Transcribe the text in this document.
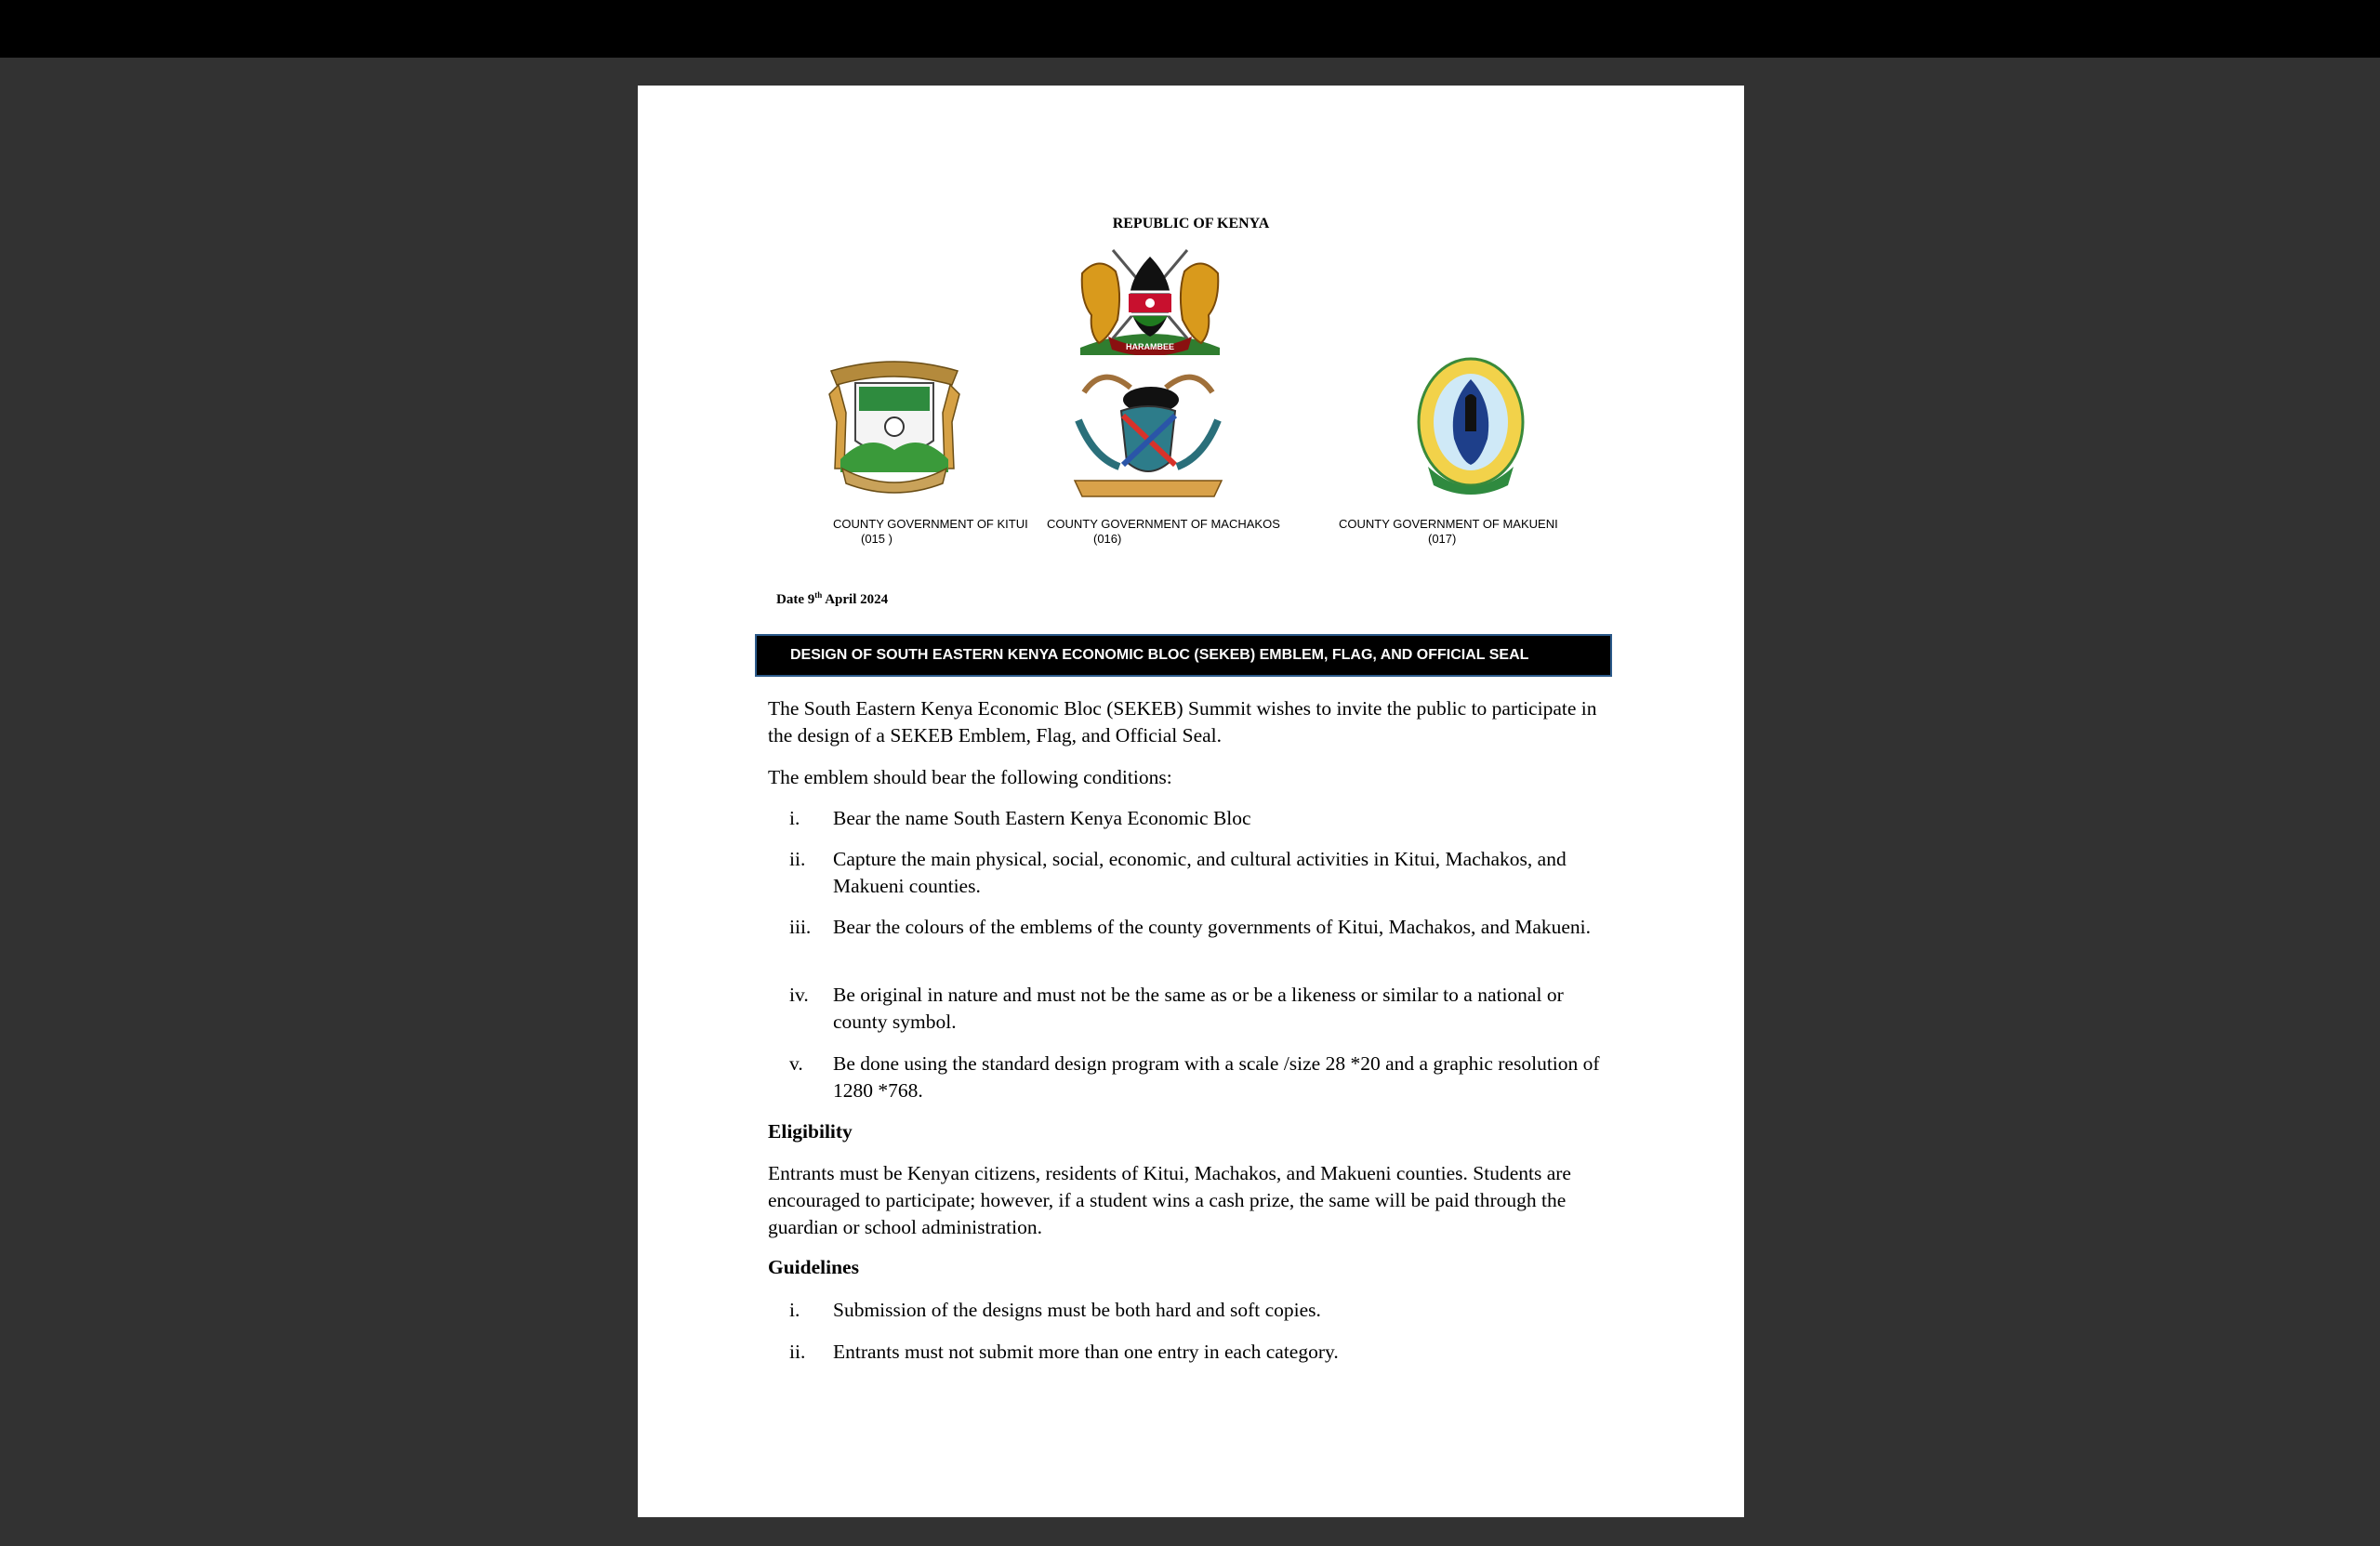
REPUBLIC OF KENYA
HARAMBEE
COUNTY GOVERNMENT OF KITUI
(015 )
COUNTY GOVERNMENT OF MACHAKOS
(016)
COUNTY GOVERNMENT OF MAKUENI
(017)
Date 9th April 2024
DESIGN OF SOUTH EASTERN KENYA ECONOMIC BLOC (SEKEB) EMBLEM, FLAG, AND OFFICIAL SEAL
The South Eastern Kenya Economic Bloc (SEKEB) Summit wishes to invite the public to participate in the design of a SEKEB Emblem, Flag, and Official Seal.
The emblem should bear the following conditions:
i. Bear the name South Eastern Kenya Economic Bloc
ii. Capture the main physical, social, economic, and cultural activities in Kitui, Machakos, and Makueni counties.
iii. Bear the colours of the emblems of the county governments of Kitui, Machakos, and Makueni.
iv. Be original in nature and must not be the same as or be a likeness or similar to a national or county symbol.
v. Be done using the standard design program with a scale /size 28 *20 and a graphic resolution of 1280 *768.
Eligibility
Entrants must be Kenyan citizens, residents of Kitui, Machakos, and Makueni counties. Students are encouraged to participate; however, if a student wins a cash prize, the same will be paid through the guardian or school administration.
Guidelines
i. Submission of the designs must be both hard and soft copies.
ii. Entrants must not submit more than one entry in each category.
